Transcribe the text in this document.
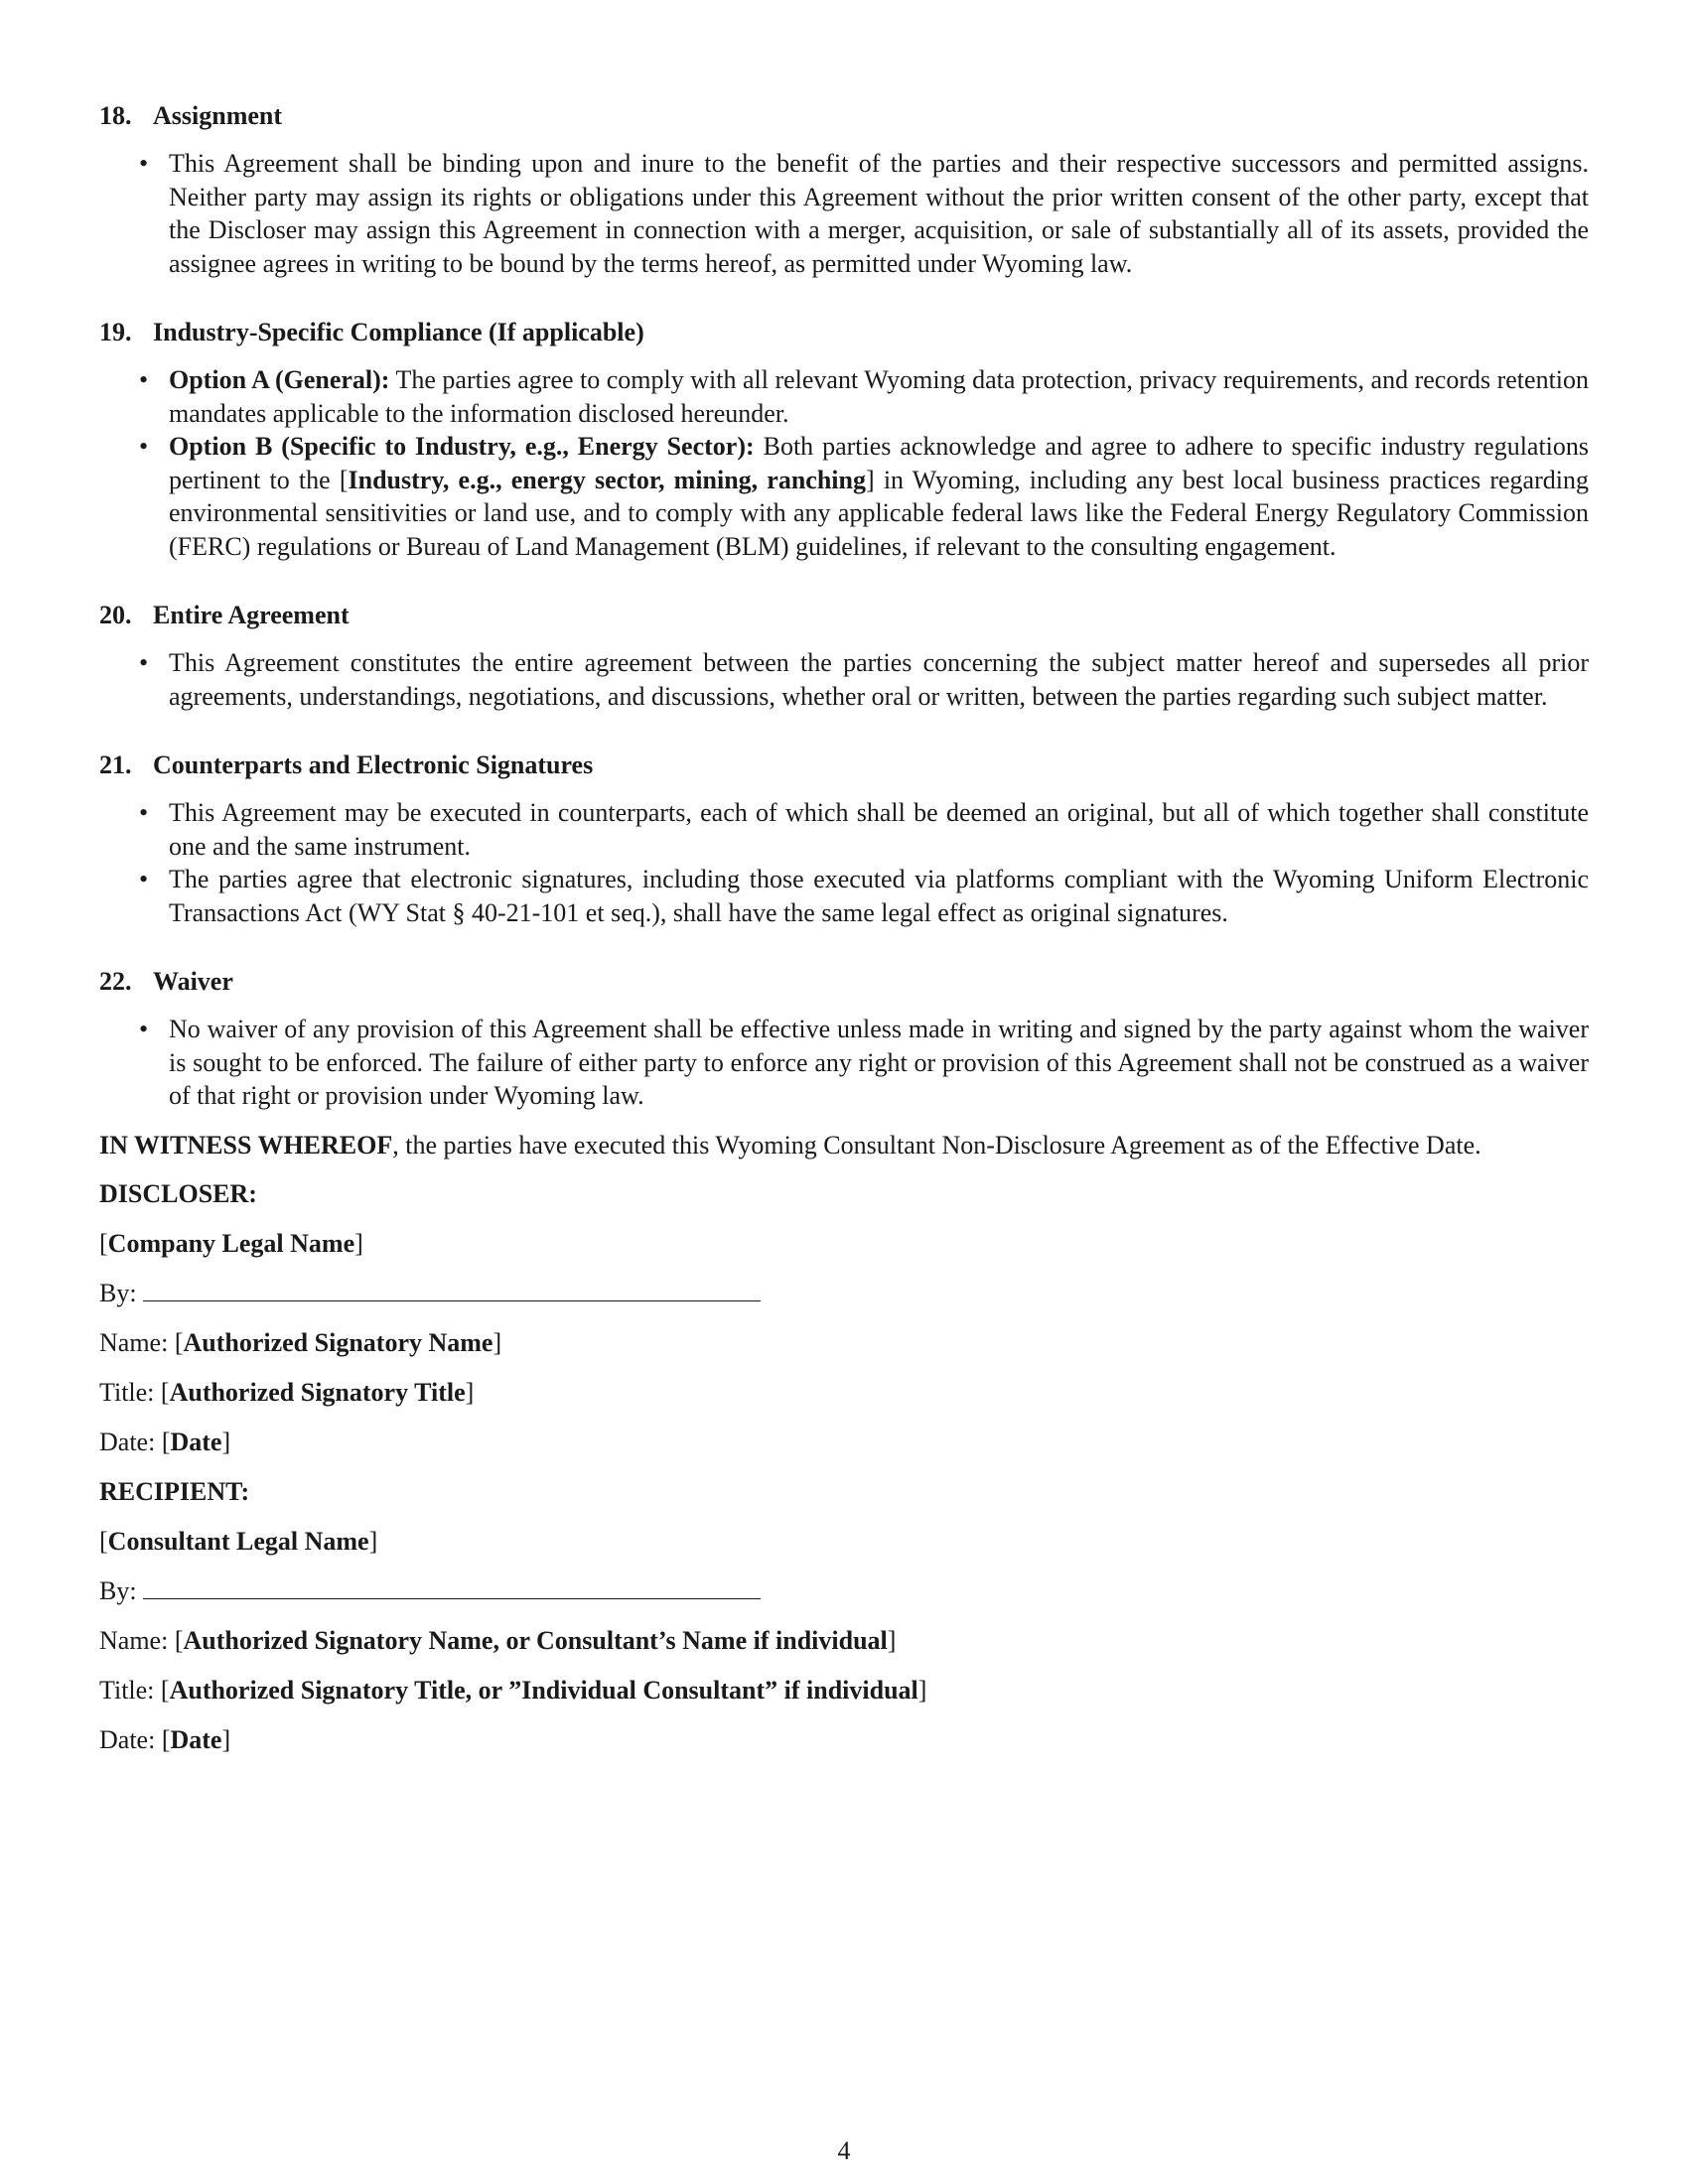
18. Assignment
• This Agreement shall be binding upon and inure to the benefit of the parties and their respective successors and permitted assigns. Neither party may assign its rights or obligations under this Agreement without the prior written consent of the other party, except that the Discloser may assign this Agreement in connection with a merger, acquisition, or sale of substantially all of its assets, provided the assignee agrees in writing to be bound by the terms hereof, as permitted under Wyoming law.
19. Industry-Specific Compliance (If applicable)
• Option A (General): The parties agree to comply with all relevant Wyoming data protection, privacy requirements, and records retention mandates applicable to the information disclosed hereunder.
• Option B (Specific to Industry, e.g., Energy Sector): Both parties acknowledge and agree to adhere to specific industry regulations pertinent to the [Industry, e.g., energy sector, mining, ranching] in Wyoming, including any best local business practices regarding environmental sensitivities or land use, and to comply with any applicable federal laws like the Federal Energy Regulatory Commission (FERC) regulations or Bureau of Land Management (BLM) guidelines, if relevant to the consulting engagement.
20. Entire Agreement
• This Agreement constitutes the entire agreement between the parties concerning the subject matter hereof and supersedes all prior agreements, understandings, negotiations, and discussions, whether oral or written, between the parties regarding such subject matter.
21. Counterparts and Electronic Signatures
• This Agreement may be executed in counterparts, each of which shall be deemed an original, but all of which together shall constitute one and the same instrument.
• The parties agree that electronic signatures, including those executed via platforms compliant with the Wyoming Uniform Electronic Transactions Act (WY Stat § 40-21-101 et seq.), shall have the same legal effect as original signatures.
22. Waiver
• No waiver of any provision of this Agreement shall be effective unless made in writing and signed by the party against whom the waiver is sought to be enforced. The failure of either party to enforce any right or provision of this Agreement shall not be construed as a waiver of that right or provision under Wyoming law.

IN WITNESS WHEREOF, the parties have executed this Wyoming Consultant Non-Disclosure Agreement as of the Effective Date.

DISCLOSER:
[Company Legal Name]
By:
Name: [Authorized Signatory Name]
Title: [Authorized Signatory Title]
Date: [Date]
RECIPIENT:
[Consultant Legal Name]
By:
Name: [Authorized Signatory Name, or Consultant’s Name if individual]
Title: [Authorized Signatory Title, or ”Individual Consultant” if individual]
Date: [Date]
4
